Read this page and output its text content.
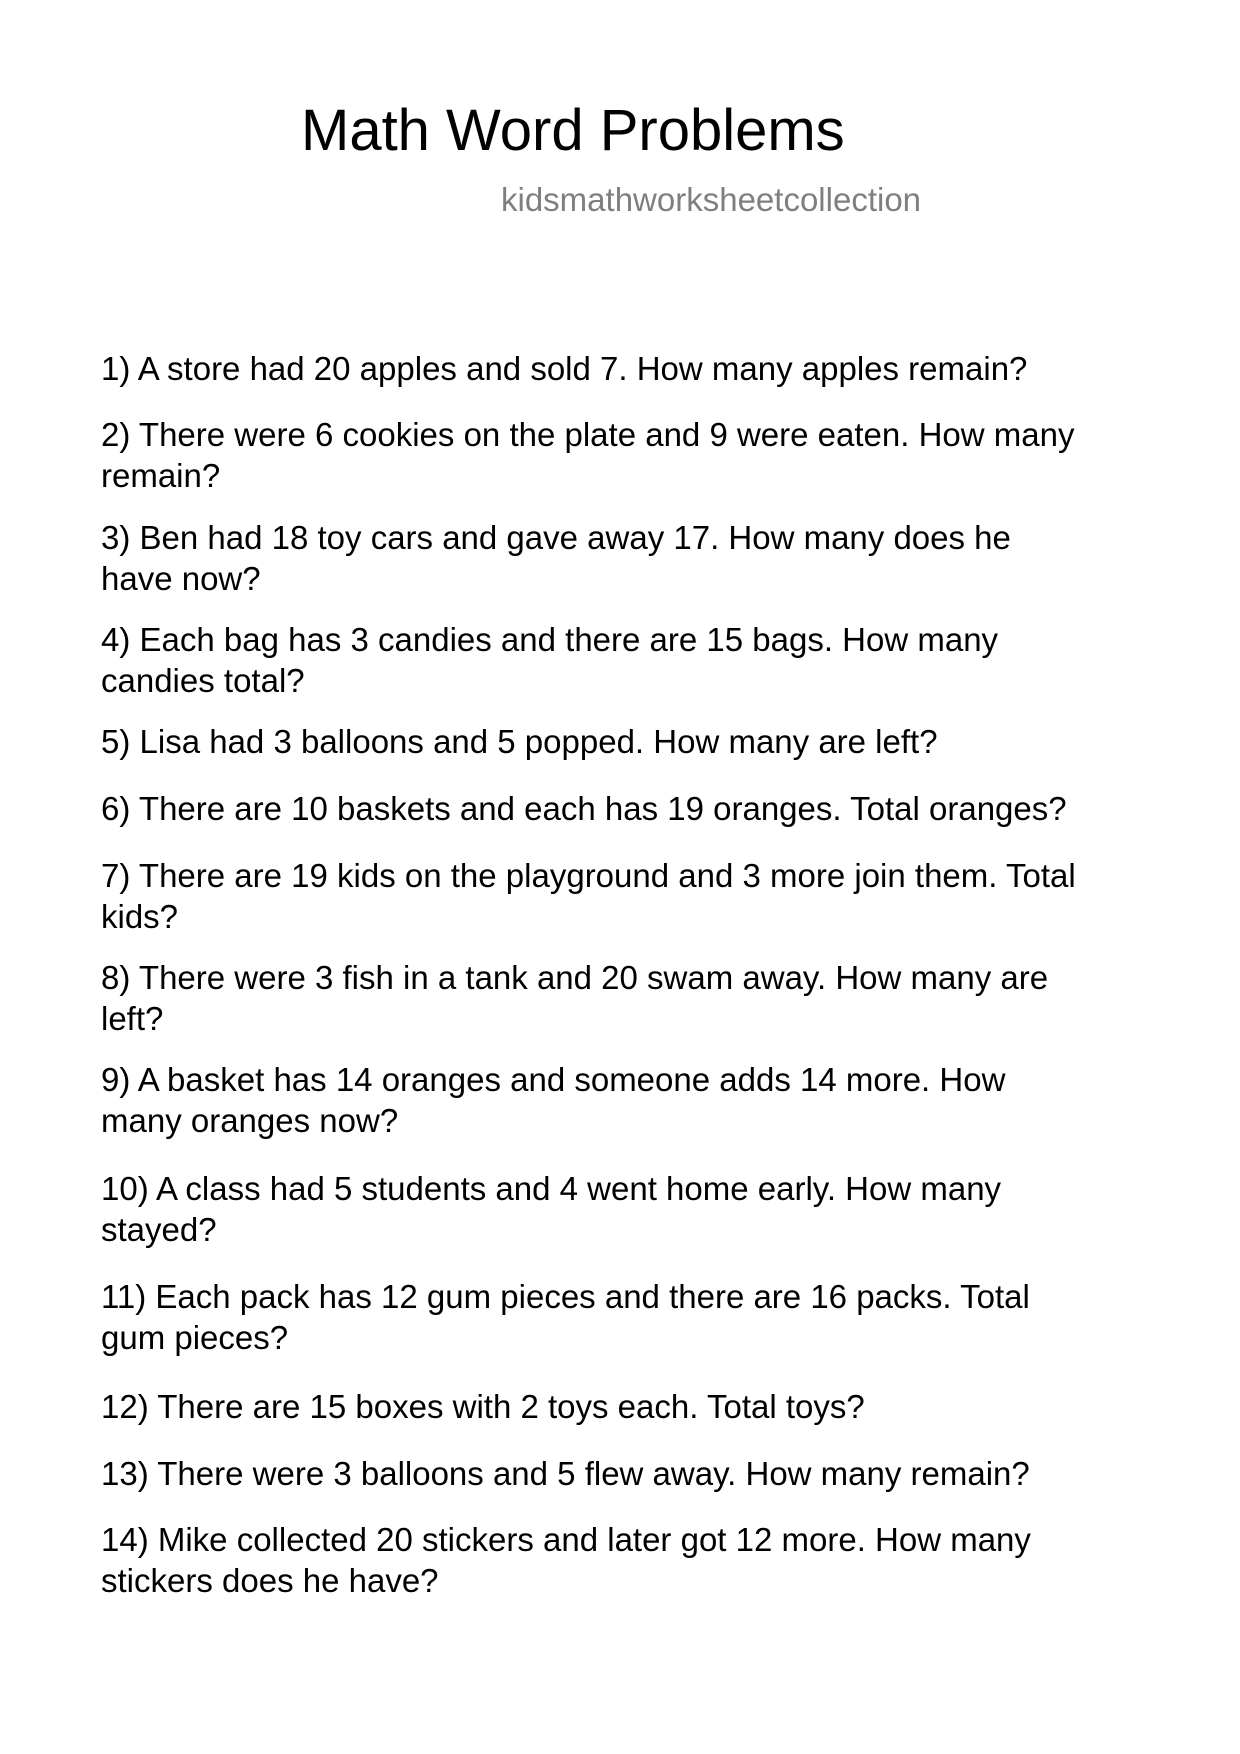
Math Word Problems
kidsmathworksheetcollection
1) A store had 20 apples and sold 7. How many apples remain?
2) There were 6 cookies on the plate and 9 were eaten. How many
remain?
3) Ben had 18 toy cars and gave away 17. How many does he
have now?
4) Each bag has 3 candies and there are 15 bags. How many
candies total?
5) Lisa had 3 balloons and 5 popped. How many are left?
6) There are 10 baskets and each has 19 oranges. Total oranges?
7) There are 19 kids on the playground and 3 more join them. Total
kids?
8) There were 3 fish in a tank and 20 swam away. How many are
left?
9) A basket has 14 oranges and someone adds 14 more. How
many oranges now?
10) A class had 5 students and 4 went home early. How many
stayed?
11) Each pack has 12 gum pieces and there are 16 packs. Total
gum pieces?
12) There are 15 boxes with 2 toys each. Total toys?
13) There were 3 balloons and 5 flew away. How many remain?
14) Mike collected 20 stickers and later got 12 more. How many
stickers does he have?
